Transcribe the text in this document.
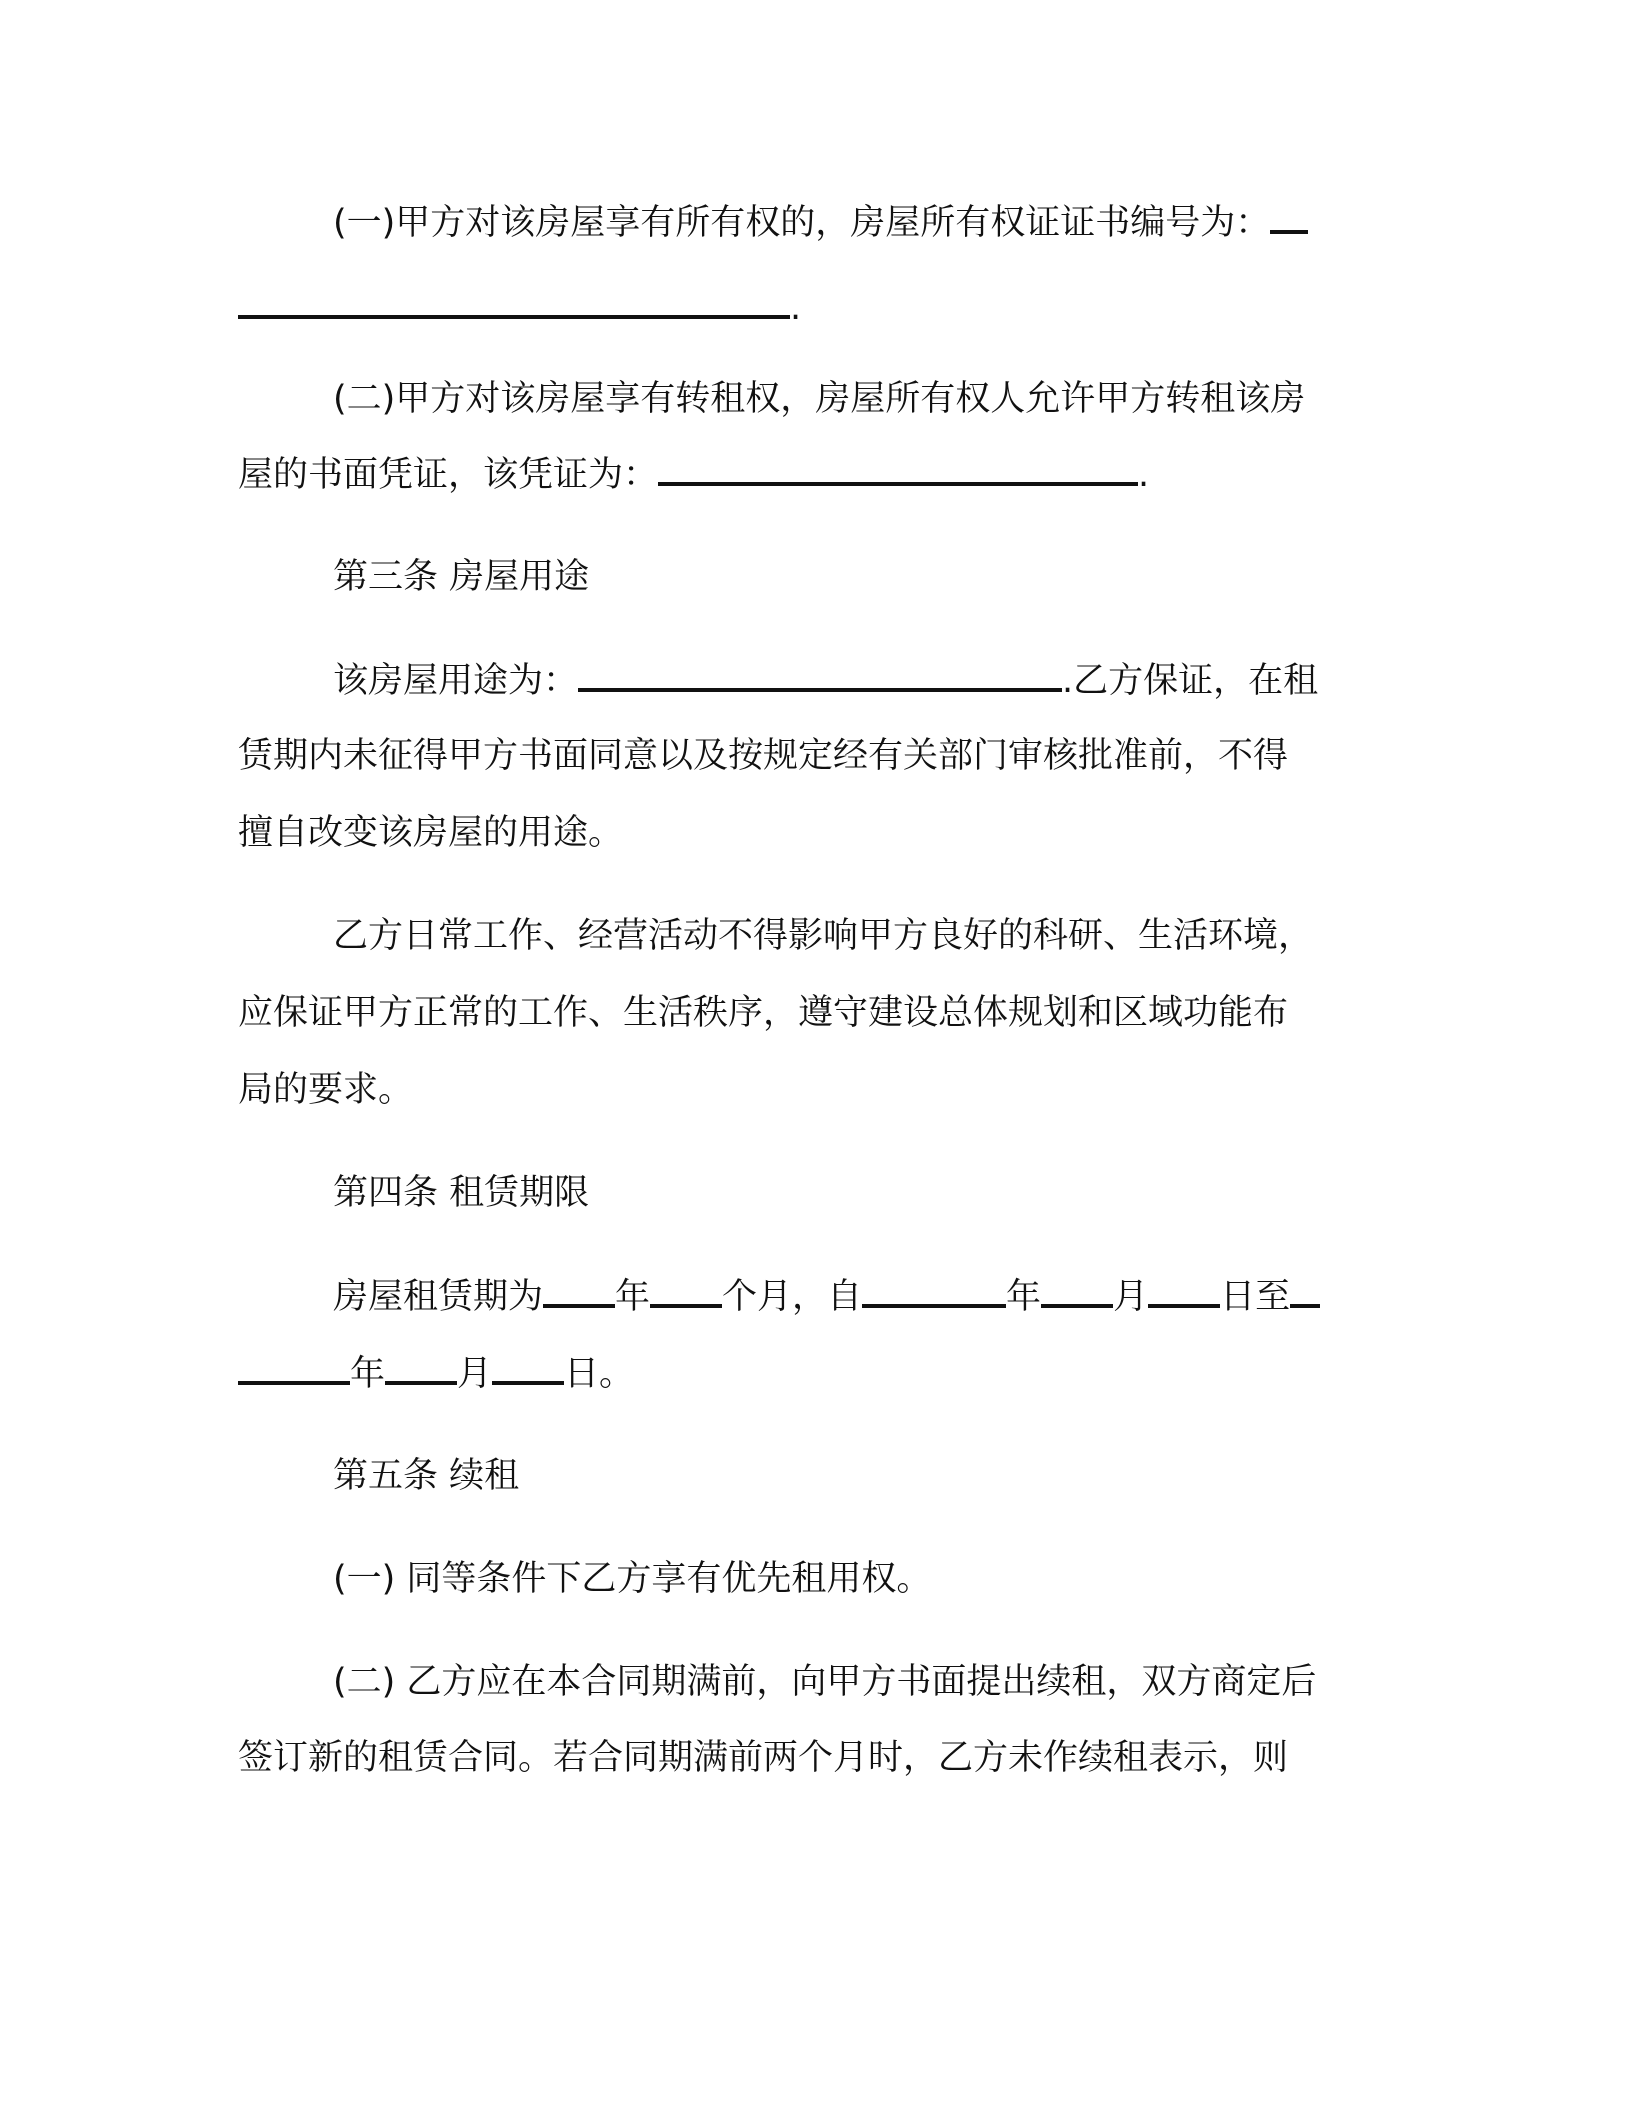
(一)甲方对该房屋享有所有权的，房屋所有权证证书编号为：
.
(二)甲方对该房屋享有转租权，房屋所有权人允许甲方转租该房
屋的书面凭证，该凭证为：	.
第三条 房屋用途
该房屋用途为：	.乙方保证，在租
赁期内未征得甲方书面同意以及按规定经有关部门审核批准前，不得
擅自改变该房屋的用途。
乙方日常工作、经营活动不得影响甲方良好的科研、生活环境，
应保证甲方正常的工作、生活秩序，遵守建设总体规划和区域功能布
局的要求。
第四条 租赁期限
房屋租赁期为 年 个月，自	年 月 日至
年 月 日。
第五条 续租
(一) 同等条件下乙方享有优先租用权。
(二) 乙方应在本合同期满前，向甲方书面提出续租，双方商定后
签订新的租赁合同。若合同期满前两个月时，乙方未作续租表示，则
